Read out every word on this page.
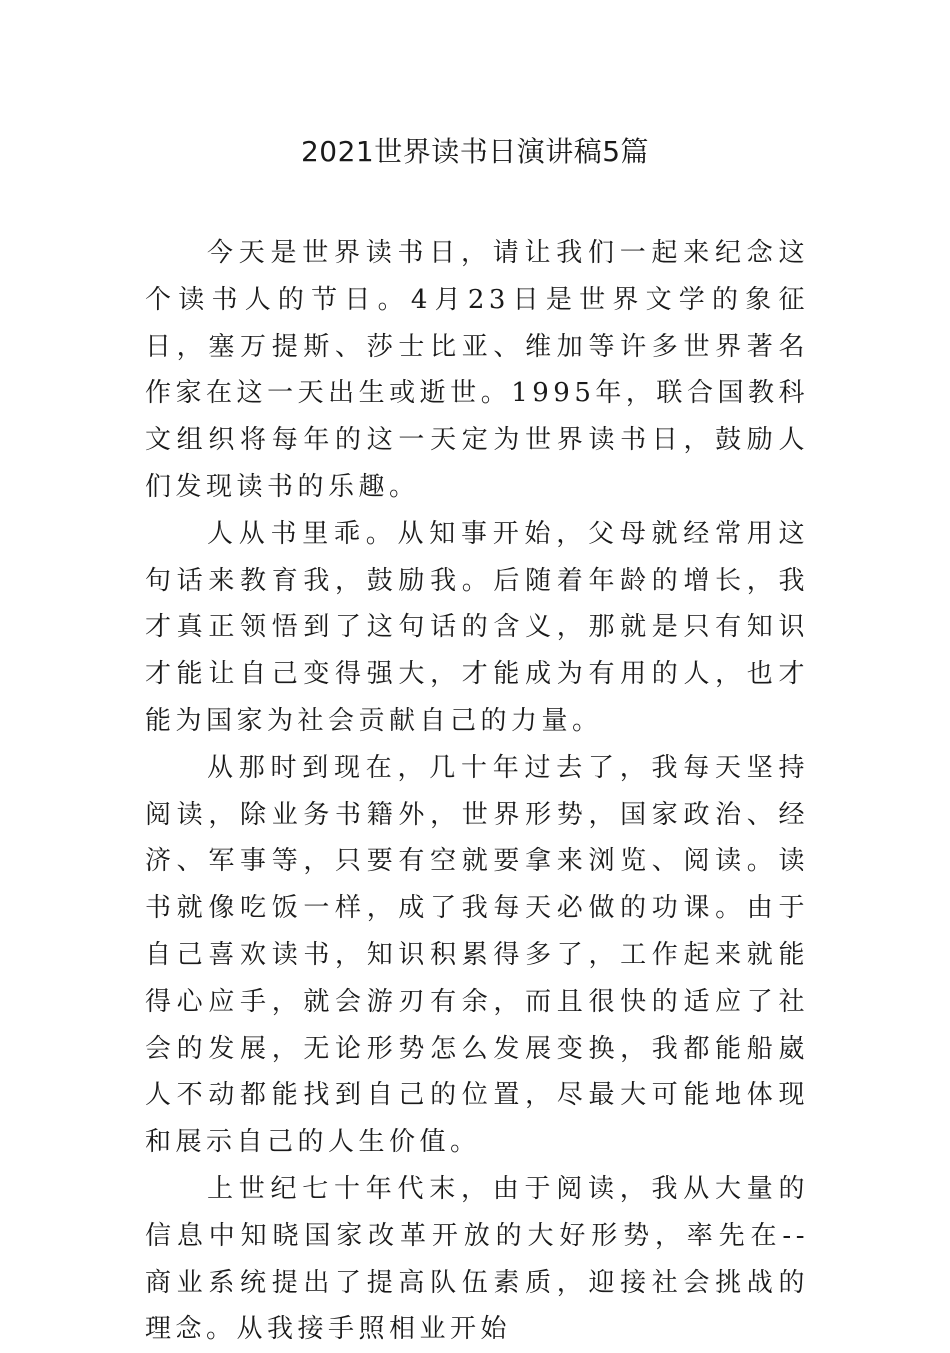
2021世界读书日演讲稿5篇

今天是世界读书日，请让我们一起来纪念这个读书人的节日。4月23日是世界文学的象征日，塞万提斯、莎士比亚、维加等许多世界著名作家在这一天出生或逝世。1995年，联合国教科文组织将每年的这一天定为世界读书日，鼓励人们发现读书的乐趣。

人从书里乖。从知事开始，父母就经常用这句话来教育我，鼓励我。后随着年龄的增长，我才真正领悟到了这句话的含义，那就是只有知识才能让自己变得强大，才能成为有用的人，也才能为国家为社会贡献自己的力量。

从那时到现在，几十年过去了，我每天坚持阅读，除业务书籍外，世界形势，国家政治、经济、军事等，只要有空就要拿来浏览、阅读。读书就像吃饭一样，成了我每天必做的功课。由于自己喜欢读书，知识积累得多了，工作起来就能得心应手，就会游刃有余，而且很快的适应了社会的发展，无论形势怎么发展变换，我都能船崴人不动都能找到自己的位置，尽最大可能地体现和展示自己的人生价值。

上世纪七十年代末，由于阅读，我从大量的信息中知晓国家改革开放的大好形势，率先在--商业系统提出了提高队伍素质，迎接社会挑战的理念。从我接手照相业开始
